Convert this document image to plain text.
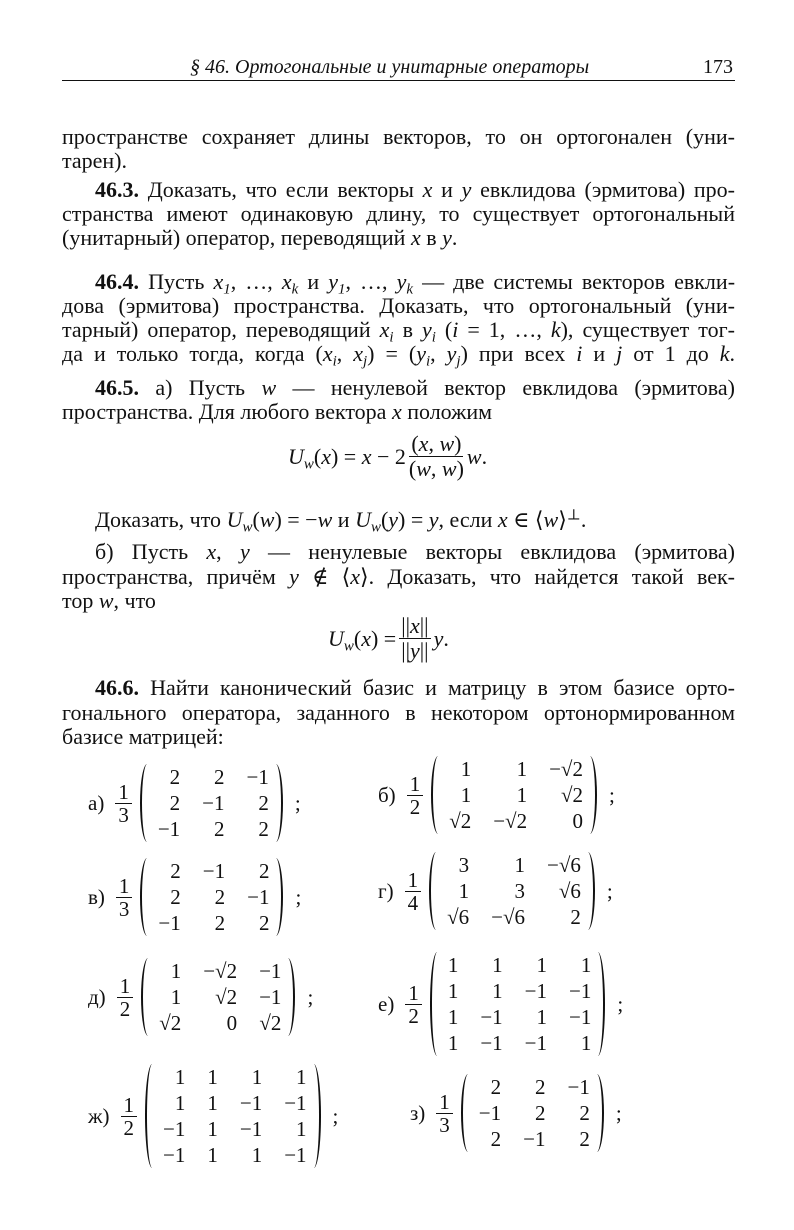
§ 46. Ортогональные и унитарные операторы	173
пространстве сохраняет длины векторов, то он ортогонален (уни-
тарен).
46.3. Доказать, что если векторы x и y евклидова (эрмитова) про-
странства имеют одинаковую длину, то существует ортогональный
(унитарный) оператор, переводящий x в y.
46.4. Пусть $x_1$, …, $x_k$ и $y_1$, …, $y_k$ — две системы векторов евкли-
дова (эрмитова) пространства. Доказать, что ортогональный (уни-
тарный) оператор, переводящий $x_i$ в $y_i$ (i = 1, …, k), существует тог-
да и только тогда, когда ($x_i$, $x_j) = (y_i$, $y_j$) при всех i и j от 1 до k.
46.5. а) Пусть w — ненулевой вектор евклидова (эрмитова)
пространства. Для любого вектора x положим
Доказать, что $U_w(w) = -w$ и $U_w(y) = y$, если x ∈ ⟨w⟩⊥.
б) Пусть x, y — ненулевые векторы евклидова (эрмитова)
пространства, причём y ∉ ⟨x⟩. Доказать, что найдется такой век-
тор w, что
46.6. Найти канонический базис и матрицу в этом базисе орто-
гонального оператора, заданного в некотором ортонормированном
базисе матрицей:
$U_w(x) = x - 2 \frac{(x, w)}{(w, w)} w$.
$U_w(x) = \frac{||x||}{||y||} y$.
$а) \frac{1}{3}$
2	2	−1
2	−1	2
−1	2	2
;	$б) \frac{1}{2}$
1	1	−√2
1	1	√2
√2	−√2	0
;
$в) \frac{1}{3}$
2	−1	2
2	2	−1
−1	2	2
;	$г) \frac{1}{4}$
3	1	−√6
1	3	√6
√6	−√6	2
;
$д) \frac{1}{2}$
1	−√2	−1
1	√2	−1
√2	0	√2
;	$е) \frac{1}{2}$
1	1	1	1
1	1	−1	−1
1	−1	1	−1
1	−1	−1	1
;
$ж) \frac{1}{2}$
1	1	1	1
1	1	−1	−1
−1	1	−1	1
−1	1	1	−1
;	$з) \frac{1}{3}$
2	2	−1
−1	2	2
2	−1	2
;
